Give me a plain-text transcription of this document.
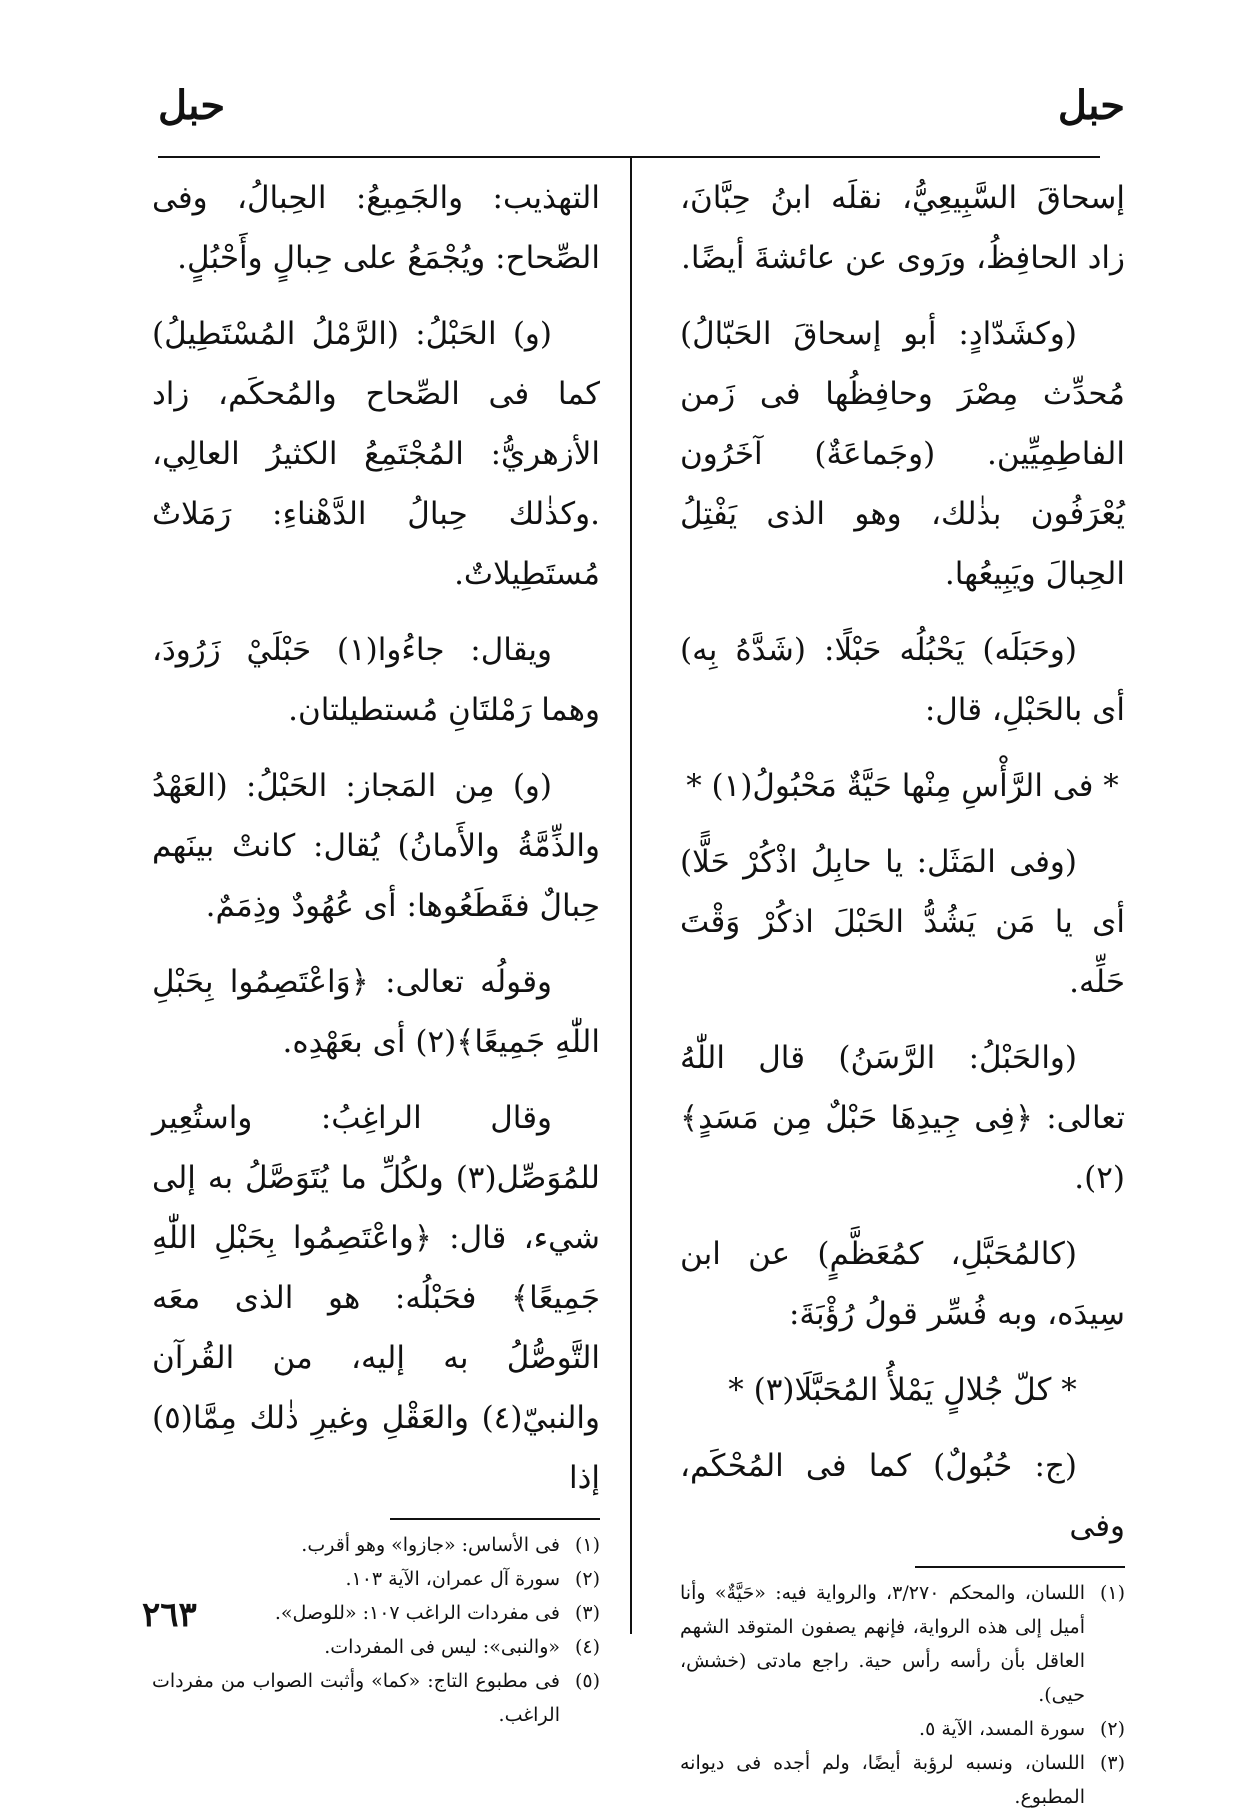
حبل
حبل

إسحاقَ السَّبِيعِيُّ، نقلَه ابنُ حِبَّانَ، زاد الحافِظُ، ورَوى عن عائشةَ أيضًا.

(وكشَدّادٍ: أبو إسحاقَ الحَبّالُ) مُحدِّث مِصْرَ وحافِظُها فى زَمن الفاطِمِيِّين. (وجَماعَةٌ) آخَرُون يُعْرَفُون بذٰلك، وهو الذى يَفْتِلُ الحِبالَ ويَبِيعُها.

(وحَبَلَه) يَحْبُلُه حَبْلًا: (شَدَّهُ بِه) أى بالحَبْلِ، قال:

* فى الرَّأْسِ مِنْها حَيَّةٌ مَحْبُولُ(١) *

(وفى المَثَل: يا حابِلُ اذْكُرْ حَلًّا) أى يا مَن يَشُدُّ الحَبْلَ اذكُرْ وَقْتَ حَلِّه.

(والحَبْلُ: الرَّسَنُ) قال اللّٰهُ تعالى: ﴿فِى جِيدِهَا حَبْلٌ مِن مَسَدٍ﴾(٢).

(كالمُحَبَّلِ، كمُعَظَّمٍ) عن ابن سِيدَه، وبه فُسِّر قولُ رُؤْبَةَ:

* كلّ جُلالٍ يَمْلأُ المُحَبَّلَا(٣) *

(ج: حُبُولٌ) كما فى المُحْكَم، وفى

(١)
اللسان، والمحكم ٣/٢٧٠، والرواية فيه: «حَيَّةٌ» وأنا أميل إلى هذه الرواية، فإنهم يصفون المتوقد الشهم العاقل بأن رأسه رأس حية. راجع مادتى (خشش، حيى).

(٢)
سورة المسد، الآية ٥.

(٣)
اللسان، ونسبه لرؤبة أيضًا، ولم أجده فى ديوانه المطبوع.

التهذيب: والجَمِيعُ: الحِبالُ، وفى الصِّحاح: ويُجْمَعُ على حِبالٍ وأَحْبُلٍ.

(و) الحَبْلُ: (الرَّمْلُ المُسْتَطِيلُ) كما فى الصِّحاح والمُحكَم، زاد الأزهريُّ: المُجْتَمِعُ الكثيرُ العالِي، .وكذٰلك حِبالُ الدَّهْناءِ: رَمَلاتٌ مُستَطِيلاتٌ.

ويقال: جاءُوا(١) حَبْلَيْ زَرُودَ، وهما رَمْلتَانِ مُستطيلتان.

(و) مِن المَجاز: الحَبْلُ: (العَهْدُ والذِّمَّةُ والأَمانُ) يُقال: كانتْ بينَهم حِبالٌ فقَطَعُوها: أى عُهُودٌ وذِمَمٌ.

وقولُه تعالى: ﴿وَاعْتَصِمُوا بِحَبْلِ اللّٰهِ جَمِيعًا﴾(٢) أى بعَهْدِه.

وقال الراغِبُ: واستُعِير للمُوَصِّل(٣) ولكُلِّ ما يُتَوَصَّلُ به إلى شيء، قال: ﴿واعْتَصِمُوا بِحَبْلِ اللّٰهِ جَمِيعًا﴾ فحَبْلُه: هو الذى معَه التَّوصُّلُ به إليه، من القُرآن والنبيّ(٤) والعَقْلِ وغيرِ ذٰلك مِمَّا(٥) إذا

(١)
فى الأساس: «جازوا» وهو أقرب.

(٢)
سورة آل عمران، الآية ١٠٣.

(٣)
فى مفردات الراغب ١٠٧: «للوصل».

(٤)
«والنبى»: ليس فى المفردات.

(٥)
فى مطبوع التاج: «كما» وأثبت الصواب من مفردات الراغب.

٢٦٣
